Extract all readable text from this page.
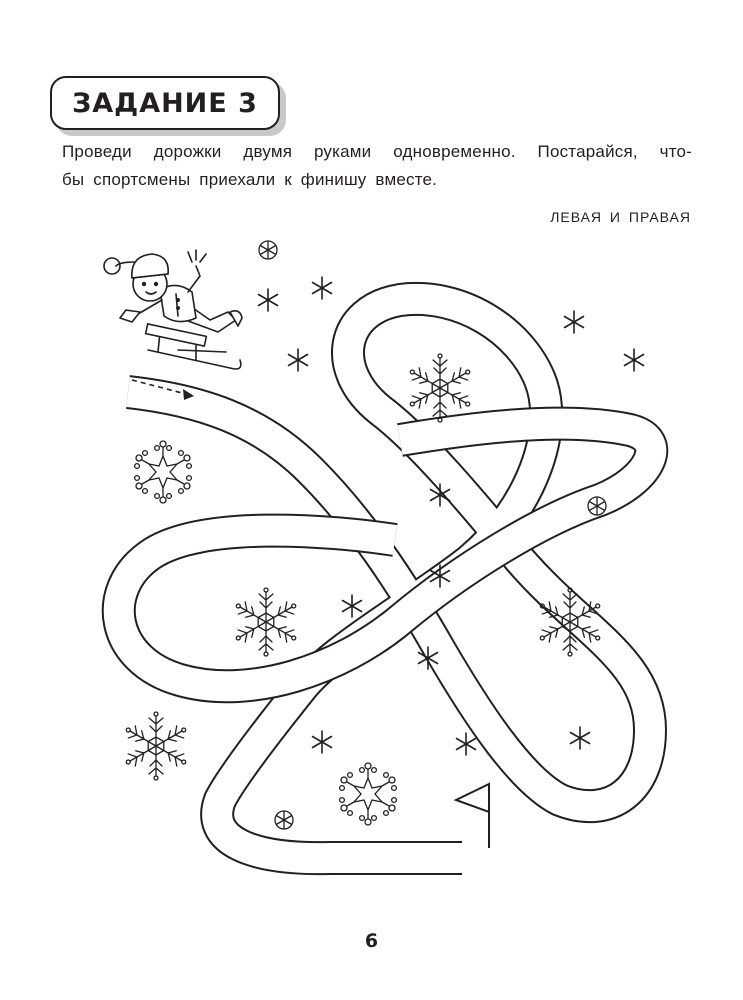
ЗАДАНИЕ 3
Проведи дорожки двумя руками одновременно. Постарайся, что-
бы спортсмены приехали к финишу вместе.
ЛЕВАЯ И ПРАВАЯ
6
